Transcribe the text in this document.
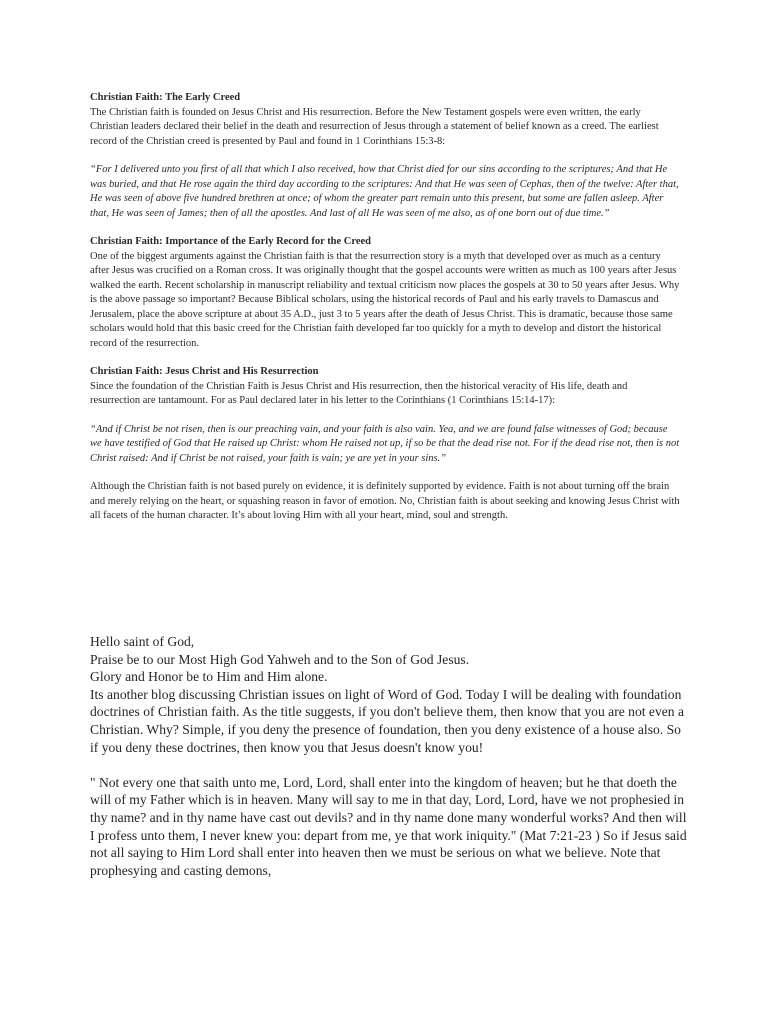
Christian Faith: The Early Creed

The Christian faith is founded on Jesus Christ and His resurrection. Before the New Testament gospels were even written, the early Christian leaders declared their belief in the death and resurrection of Jesus through a statement of belief known as a creed. The earliest record of the Christian creed is presented by Paul and found in 1 Corinthians 15:3-8:

“For I delivered unto you first of all that which I also received, how that Christ died for our sins according to the scriptures; And that He was buried, and that He rose again the third day according to the scriptures: And that He was seen of Cephas, then of the twelve: After that, He was seen of above five hundred brethren at once; of whom the greater part remain unto this present, but some are fallen asleep. After that, He was seen of James; then of all the apostles. And last of all He was seen of me also, as of one born out of due time.”

Christian Faith: Importance of the Early Record for the Creed

One of the biggest arguments against the Christian faith is that the resurrection story is a myth that developed over as much as a century after Jesus was crucified on a Roman cross. It was originally thought that the gospel accounts were written as much as 100 years after Jesus walked the earth. Recent scholarship in manuscript reliability and textual criticism now places the gospels at 30 to 50 years after Jesus. Why is the above passage so important? Because Biblical scholars, using the historical records of Paul and his early travels to Damascus and Jerusalem, place the above scripture at about 35 A.D., just 3 to 5 years after the death of Jesus Christ. This is dramatic, because those same scholars would hold that this basic creed for the Christian faith developed far too quickly for a myth to develop and distort the historical record of the resurrection.

Christian Faith: Jesus Christ and His Resurrection

Since the foundation of the Christian Faith is Jesus Christ and His resurrection, then the historical veracity of His life, death and resurrection are tantamount. For as Paul declared later in his letter to the Corinthians (1 Corinthians 15:14-17):

“And if Christ be not risen, then is our preaching vain, and your faith is also vain. Yea, and we are found false witnesses of God; because we have testified of God that He raised up Christ: whom He raised not up, if so be that the dead rise not. For if the dead rise not, then is not Christ raised: And if Christ be not raised, your faith is vain; ye are yet in your sins.”

Although the Christian faith is not based purely on evidence, it is definitely supported by evidence. Faith is not about turning off the brain and merely relying on the heart, or squashing reason in favor of emotion. No, Christian faith is about seeking and knowing Jesus Christ with all facets of the human character. It’s about loving Him with all your heart, mind, soul and strength.

Hello saint of God,

Praise be to our Most High God Yahweh and to the Son of God Jesus.

Glory and Honor be to Him and Him alone.

Its another blog discussing Christian issues on light of Word of God. Today I will be dealing with foundation doctrines of Christian faith. As the title suggests, if you don't believe them, then know that you are not even a Christian. Why? Simple, if you deny the presence of foundation, then you deny existence of a house also. So if you deny these doctrines, then know you that Jesus doesn't know you!

" Not every one that saith unto me, Lord, Lord, shall enter into the kingdom of heaven; but he that doeth the will of my Father which is in heaven. Many will say to me in that day, Lord, Lord, have we not prophesied in thy name? and in thy name have cast out devils? and in thy name done many wonderful works? And then will I profess unto them, I never knew you: depart from me, ye that work iniquity." (Mat 7:21-23 ) So if Jesus said not all saying to Him Lord shall enter into heaven then we must be serious on what we believe. Note that prophesying and casting demons,
